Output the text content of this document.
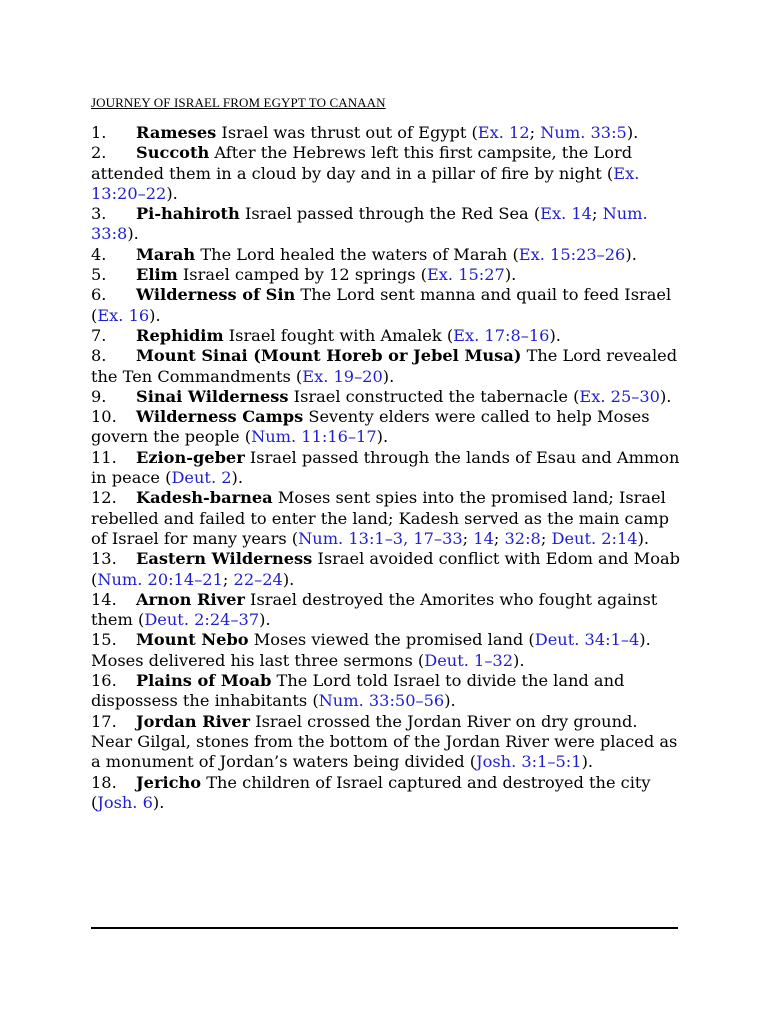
JOURNEY OF ISRAEL FROM EGYPT TO CANAAN
1. Rameses Israel was thrust out of Egypt (Ex. 12; Num. 33:5).
2. Succoth After the Hebrews left this first campsite, the Lord attended them in a cloud by day and in a pillar of fire by night (Ex. 13:20–22).
3. Pi-hahiroth Israel passed through the Red Sea (Ex. 14; Num. 33:8).
4. Marah The Lord healed the waters of Marah (Ex. 15:23–26).
5. Elim Israel camped by 12 springs (Ex. 15:27).
6. Wilderness of Sin The Lord sent manna and quail to feed Israel (Ex. 16).
7. Rephidim Israel fought with Amalek (Ex. 17:8–16).
8. Mount Sinai (Mount Horeb or Jebel Musa) The Lord revealed the Ten Commandments (Ex. 19–20).
9. Sinai Wilderness Israel constructed the tabernacle (Ex. 25–30).
10. Wilderness Camps Seventy elders were called to help Moses govern the people (Num. 11:16–17).
11. Ezion-geber Israel passed through the lands of Esau and Ammon in peace (Deut. 2).
12. Kadesh-barnea Moses sent spies into the promised land; Israel rebelled and failed to enter the land; Kadesh served as the main camp of Israel for many years (Num. 13:1–3, 17–33; 14; 32:8; Deut. 2:14).
13. Eastern Wilderness Israel avoided conflict with Edom and Moab (Num. 20:14–21; 22–24).
14. Arnon River Israel destroyed the Amorites who fought against them (Deut. 2:24–37).
15. Mount Nebo Moses viewed the promised land (Deut. 34:1–4). Moses delivered his last three sermons (Deut. 1–32).
16. Plains of Moab The Lord told Israel to divide the land and dispossess the inhabitants (Num. 33:50–56).
17. Jordan River Israel crossed the Jordan River on dry ground. Near Gilgal, stones from the bottom of the Jordan River were placed as a monument of Jordan’s waters being divided (Josh. 3:1–5:1).
18. Jericho The children of Israel captured and destroyed the city (Josh. 6).
